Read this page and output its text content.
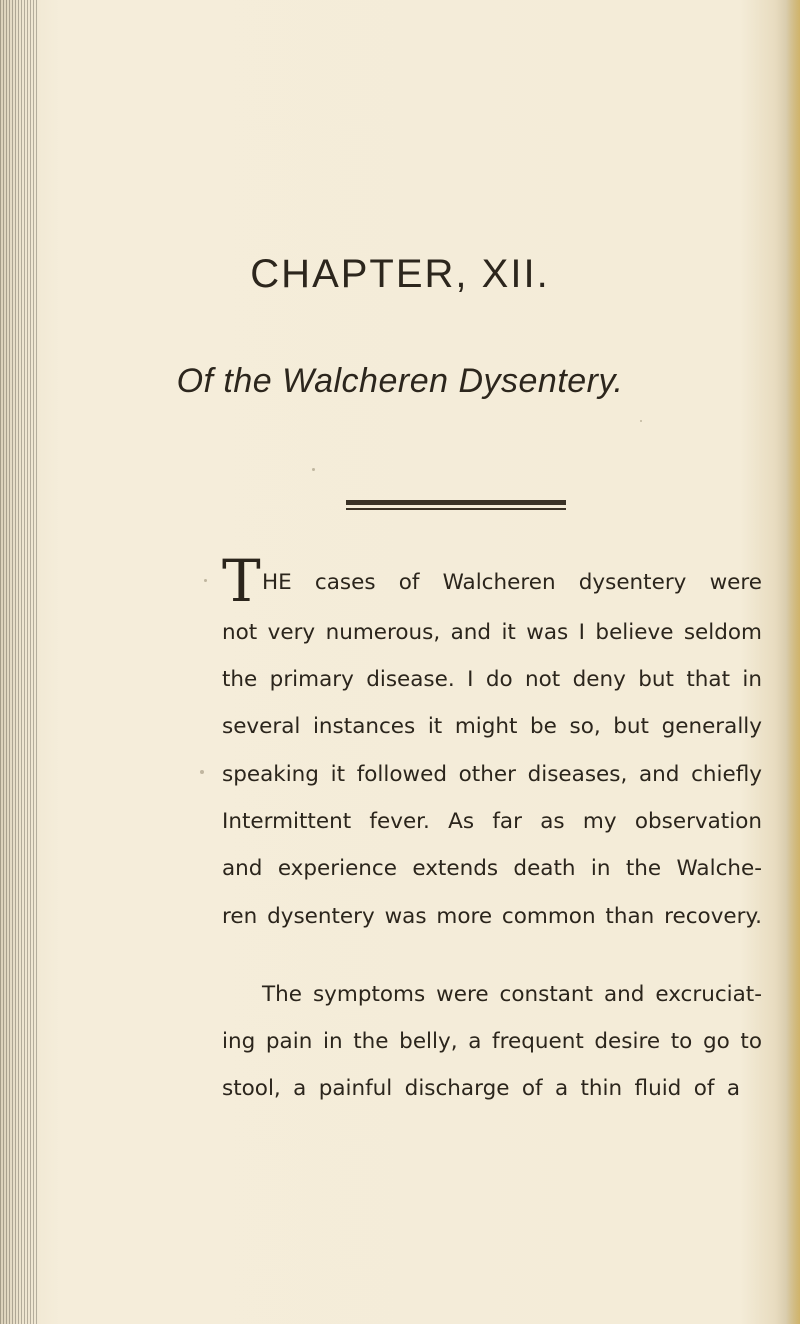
CHAPTER, XII.
Of the Walcheren Dysentery.
T HE cases of Walcheren dysentery were
not very numerous, and it was I believe seldom
the primary disease. I do not deny but that in
several instances it might be so, but generally
speaking it followed other diseases, and chiefly
Intermittent fever. As far as my observation
and experience extends death in the Walche-
ren dysentery was more common than recovery.
The symptoms were constant and excruciat-
ing pain in the belly, a frequent desire to go to
stool, a painful discharge of a thin fluid of a
